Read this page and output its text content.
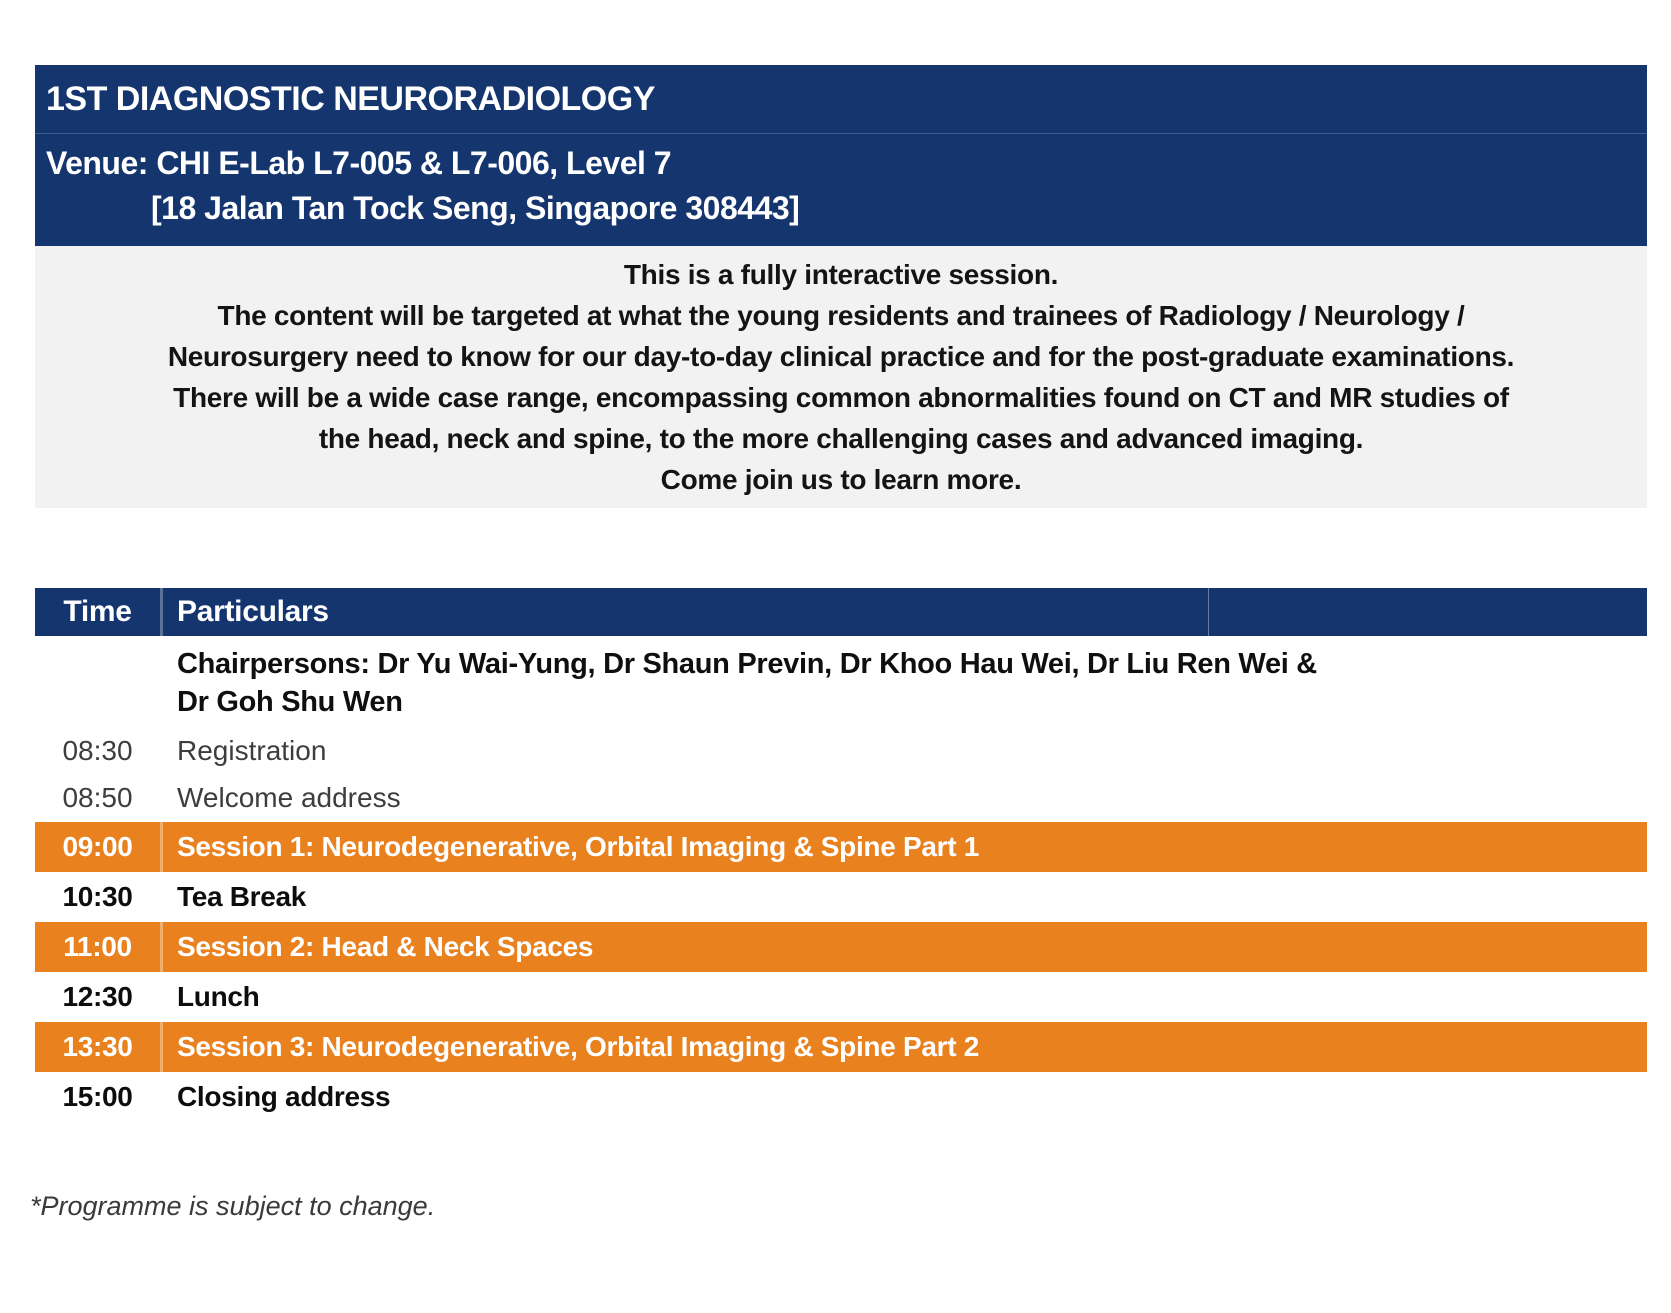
1ST DIAGNOSTIC NEURORADIOLOGY
Venue: CHI E-Lab L7-005 & L7-006, Level 7
[18 Jalan Tan Tock Seng, Singapore 308443]
This is a fully interactive session.
The content will be targeted at what the young residents and trainees of Radiology / Neurology /
Neurosurgery need to know for our day-to-day clinical practice and for the post-graduate examinations.
There will be a wide case range, encompassing common abnormalities found on CT and MR studies of
the head, neck and spine, to the more challenging cases and advanced imaging.
Come join us to learn more.
Time	Particulars
Chairpersons: Dr Yu Wai-Yung, Dr Shaun Previn, Dr Khoo Hau Wei, Dr Liu Ren Wei &
Dr Goh Shu Wen
08:30	Registration
08:50	Welcome address
09:00	Session 1: Neurodegenerative, Orbital Imaging & Spine Part 1
10:30	Tea Break
11:00	Session 2: Head & Neck Spaces
12:30	Lunch
13:30	Session 3: Neurodegenerative, Orbital Imaging & Spine Part 2
15:00	Closing address
*Programme is subject to change.
